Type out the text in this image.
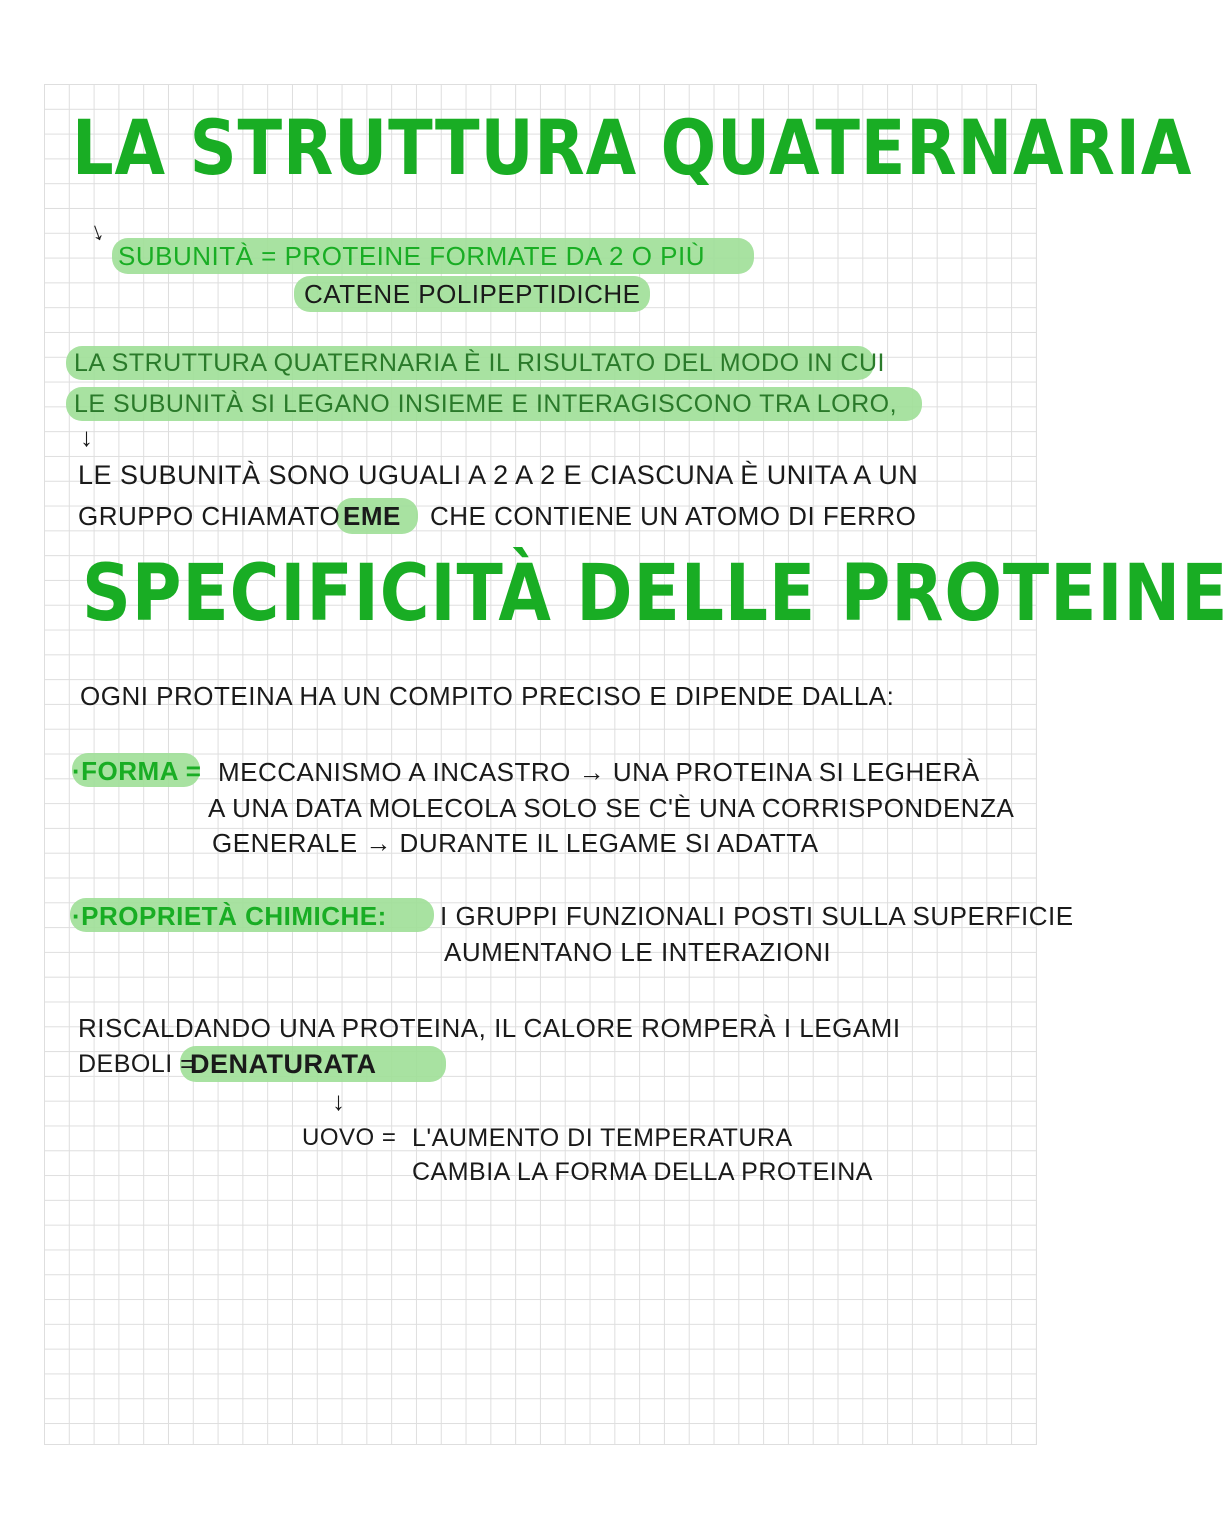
LA STRUTTURA QUATERNARIA
↓
SUBUNITÀ = PROTEINE FORMATE DA 2 O PIÙ
CATENE POLIPEPTIDICHE
LA STRUTTURA QUATERNARIA È IL RISULTATO DEL MODO IN CUI
LE SUBUNITÀ SI LEGANO INSIEME E INTERAGISCONO TRA LORO,
↓
LE SUBUNITÀ SONO UGUALI A 2 A 2 E CIASCUNA È UNITA A UN
GRUPPO CHIAMATO EME CHE CONTIENE UN ATOMO DI FERRO
SPECIFICITÀ DELLE PROTEINE
OGNI PROTEINA HA UN COMPITO PRECISO E DIPENDE DALLA:
·FORMA = MECCANISMO A INCASTRO → UNA PROTEINA SI LEGHERÀ
A UNA DATA MOLECOLA SOLO SE C'È UNA CORRISPONDENZA
GENERALE → DURANTE IL LEGAME SI ADATTA
·PROPRIETÀ CHIMICHE: I GRUPPI FUNZIONALI POSTI SULLA SUPERFICIE
AUMENTANO LE INTERAZIONI
RISCALDANDO UNA PROTEINA, IL CALORE ROMPERÀ I LEGAMI
DEBOLI =
DENATURATA
↓
UOVO = L'AUMENTO DI TEMPERATURA
CAMBIA LA FORMA DELLA PROTEINA
